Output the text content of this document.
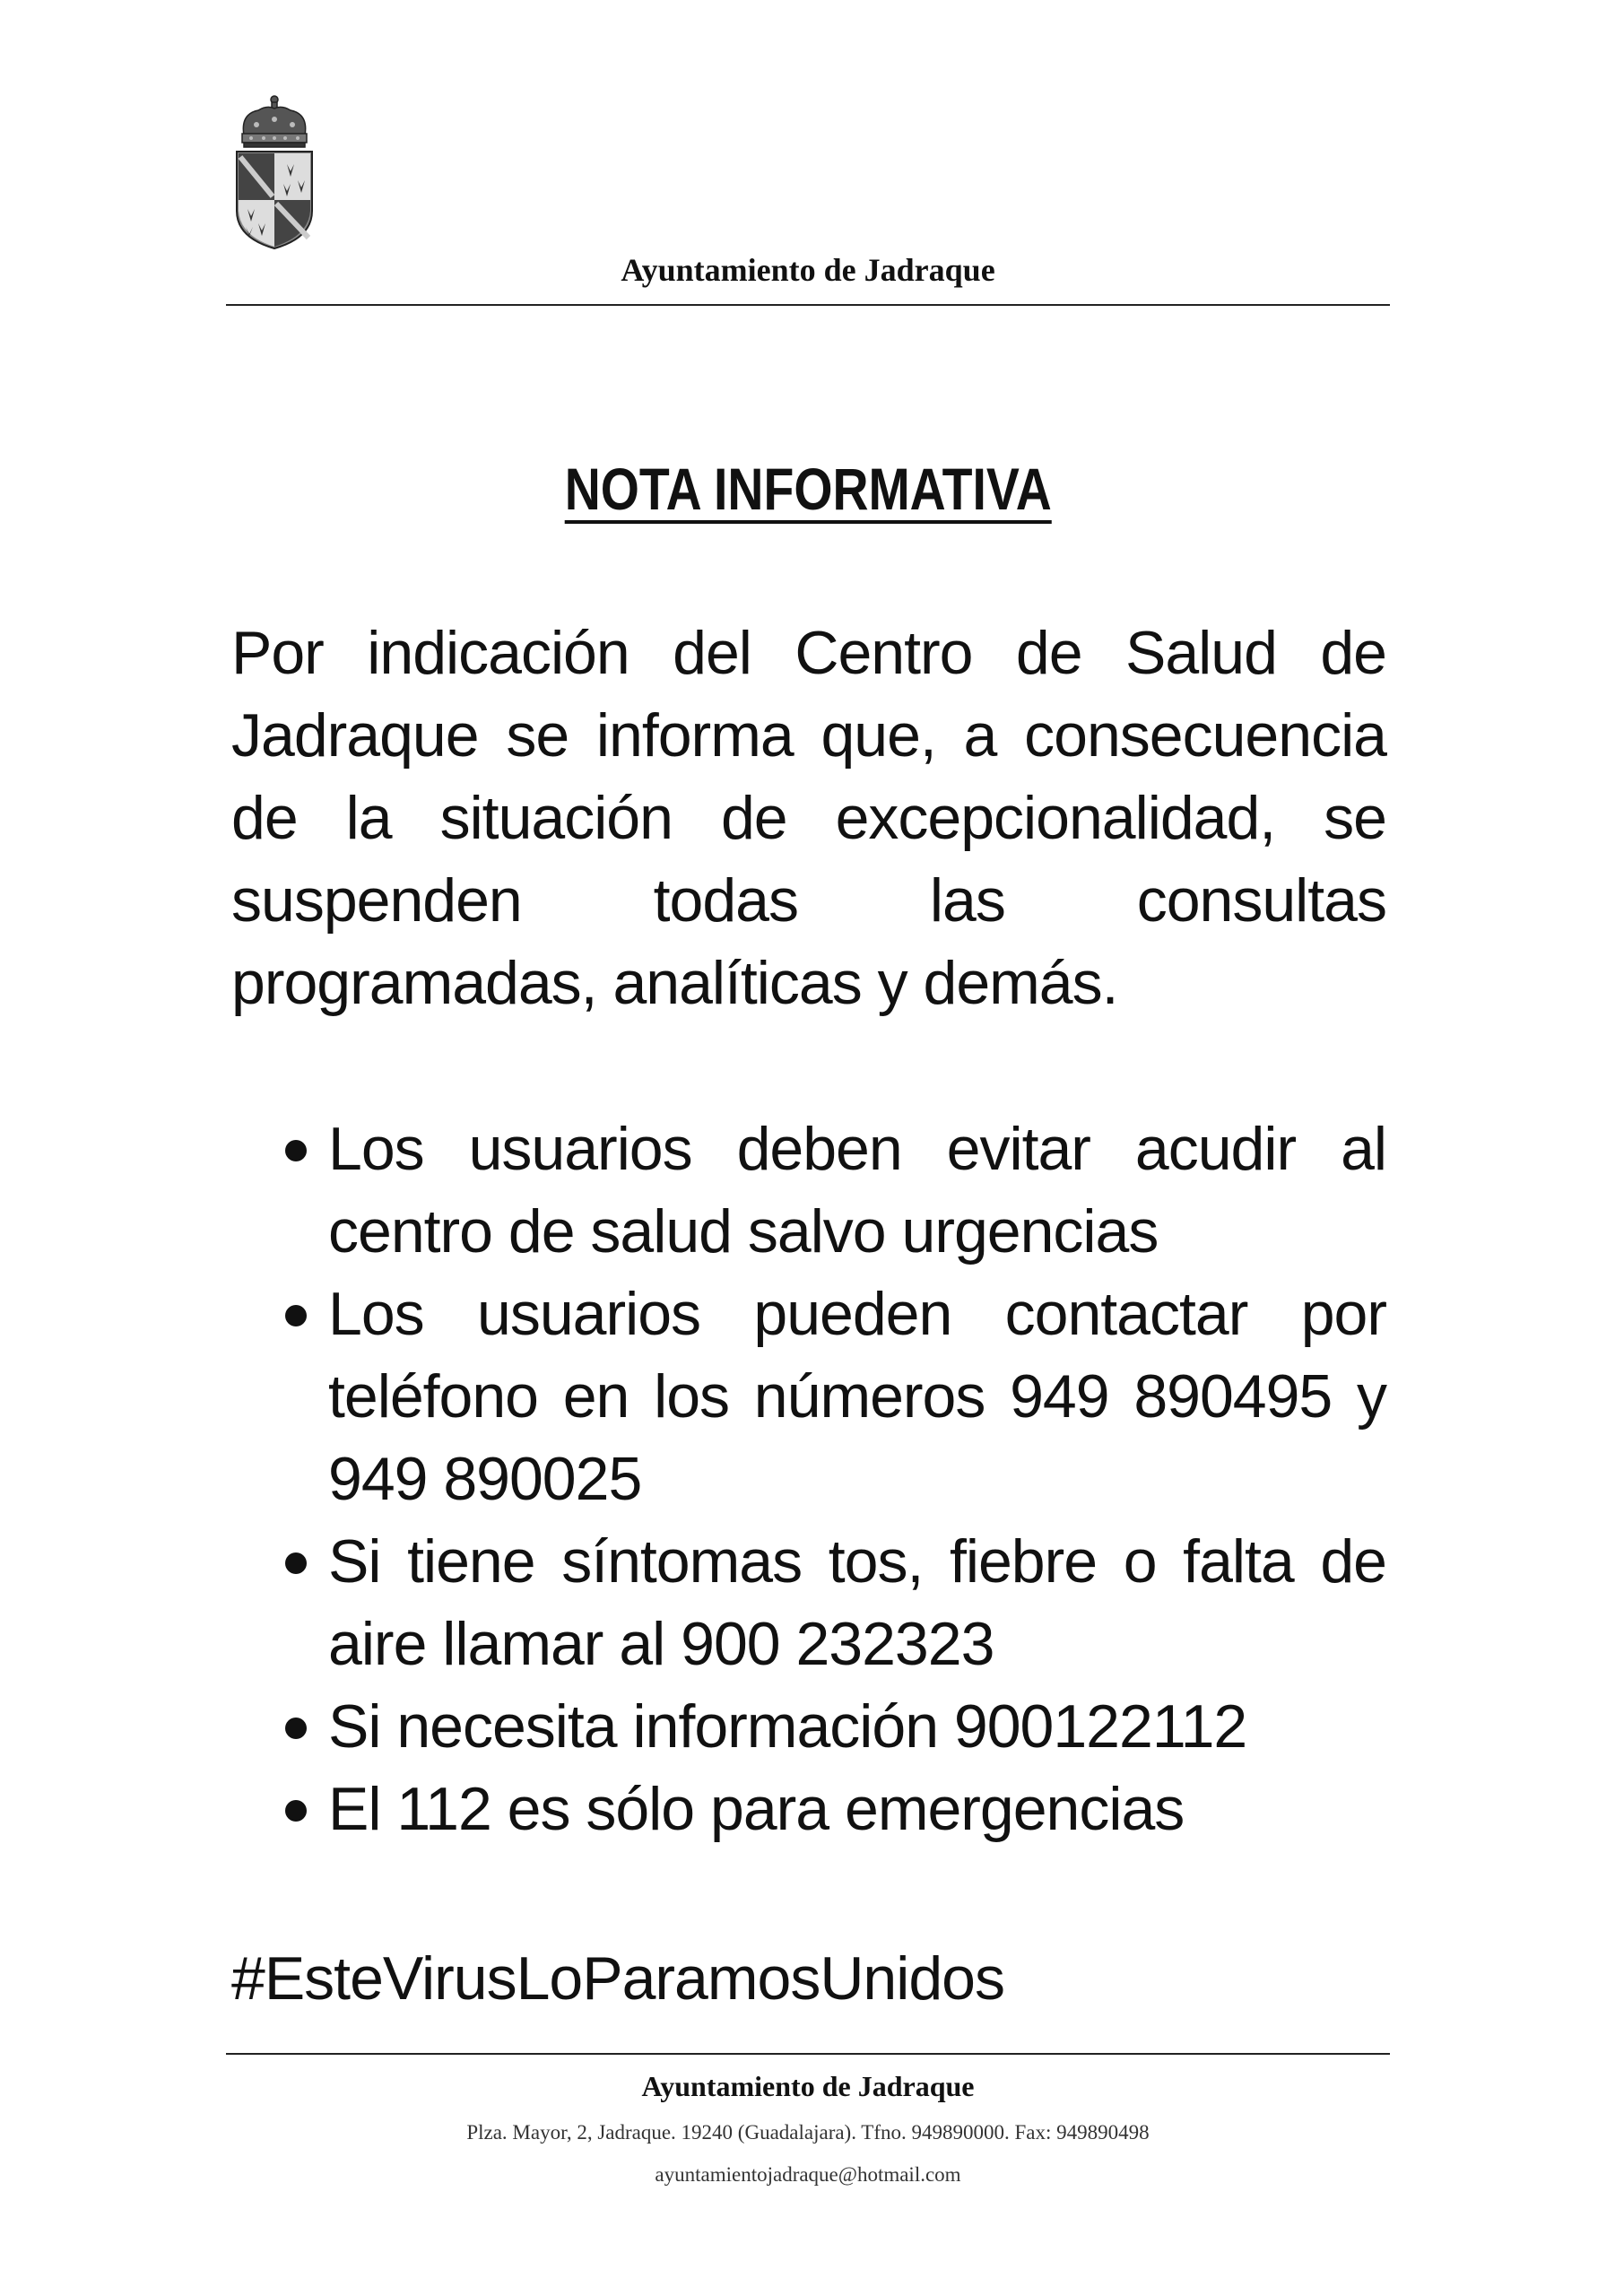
Ayuntamiento de Jadraque
NOTA INFORMATIVA
Por indicación del Centro de Salud de Jadraque se informa que, a consecuencia de la situación de excepcionalidad, se suspenden todas las consultas programadas, analíticas y demás.
Los usuarios deben evitar acudir al centro de salud salvo urgencias
Los usuarios pueden contactar por teléfono en los números 949 890495 y 949 890025
Si tiene síntomas tos, fiebre o falta de aire llamar al 900 232323
Si necesita información 900122112
El 112 es sólo para emergencias
#EsteVirusLoParamosUnidos
Ayuntamiento de Jadraque
Plza. Mayor, 2, Jadraque. 19240 (Guadalajara). Tfno. 949890000. Fax: 949890498
ayuntamientojadraque@hotmail.com
